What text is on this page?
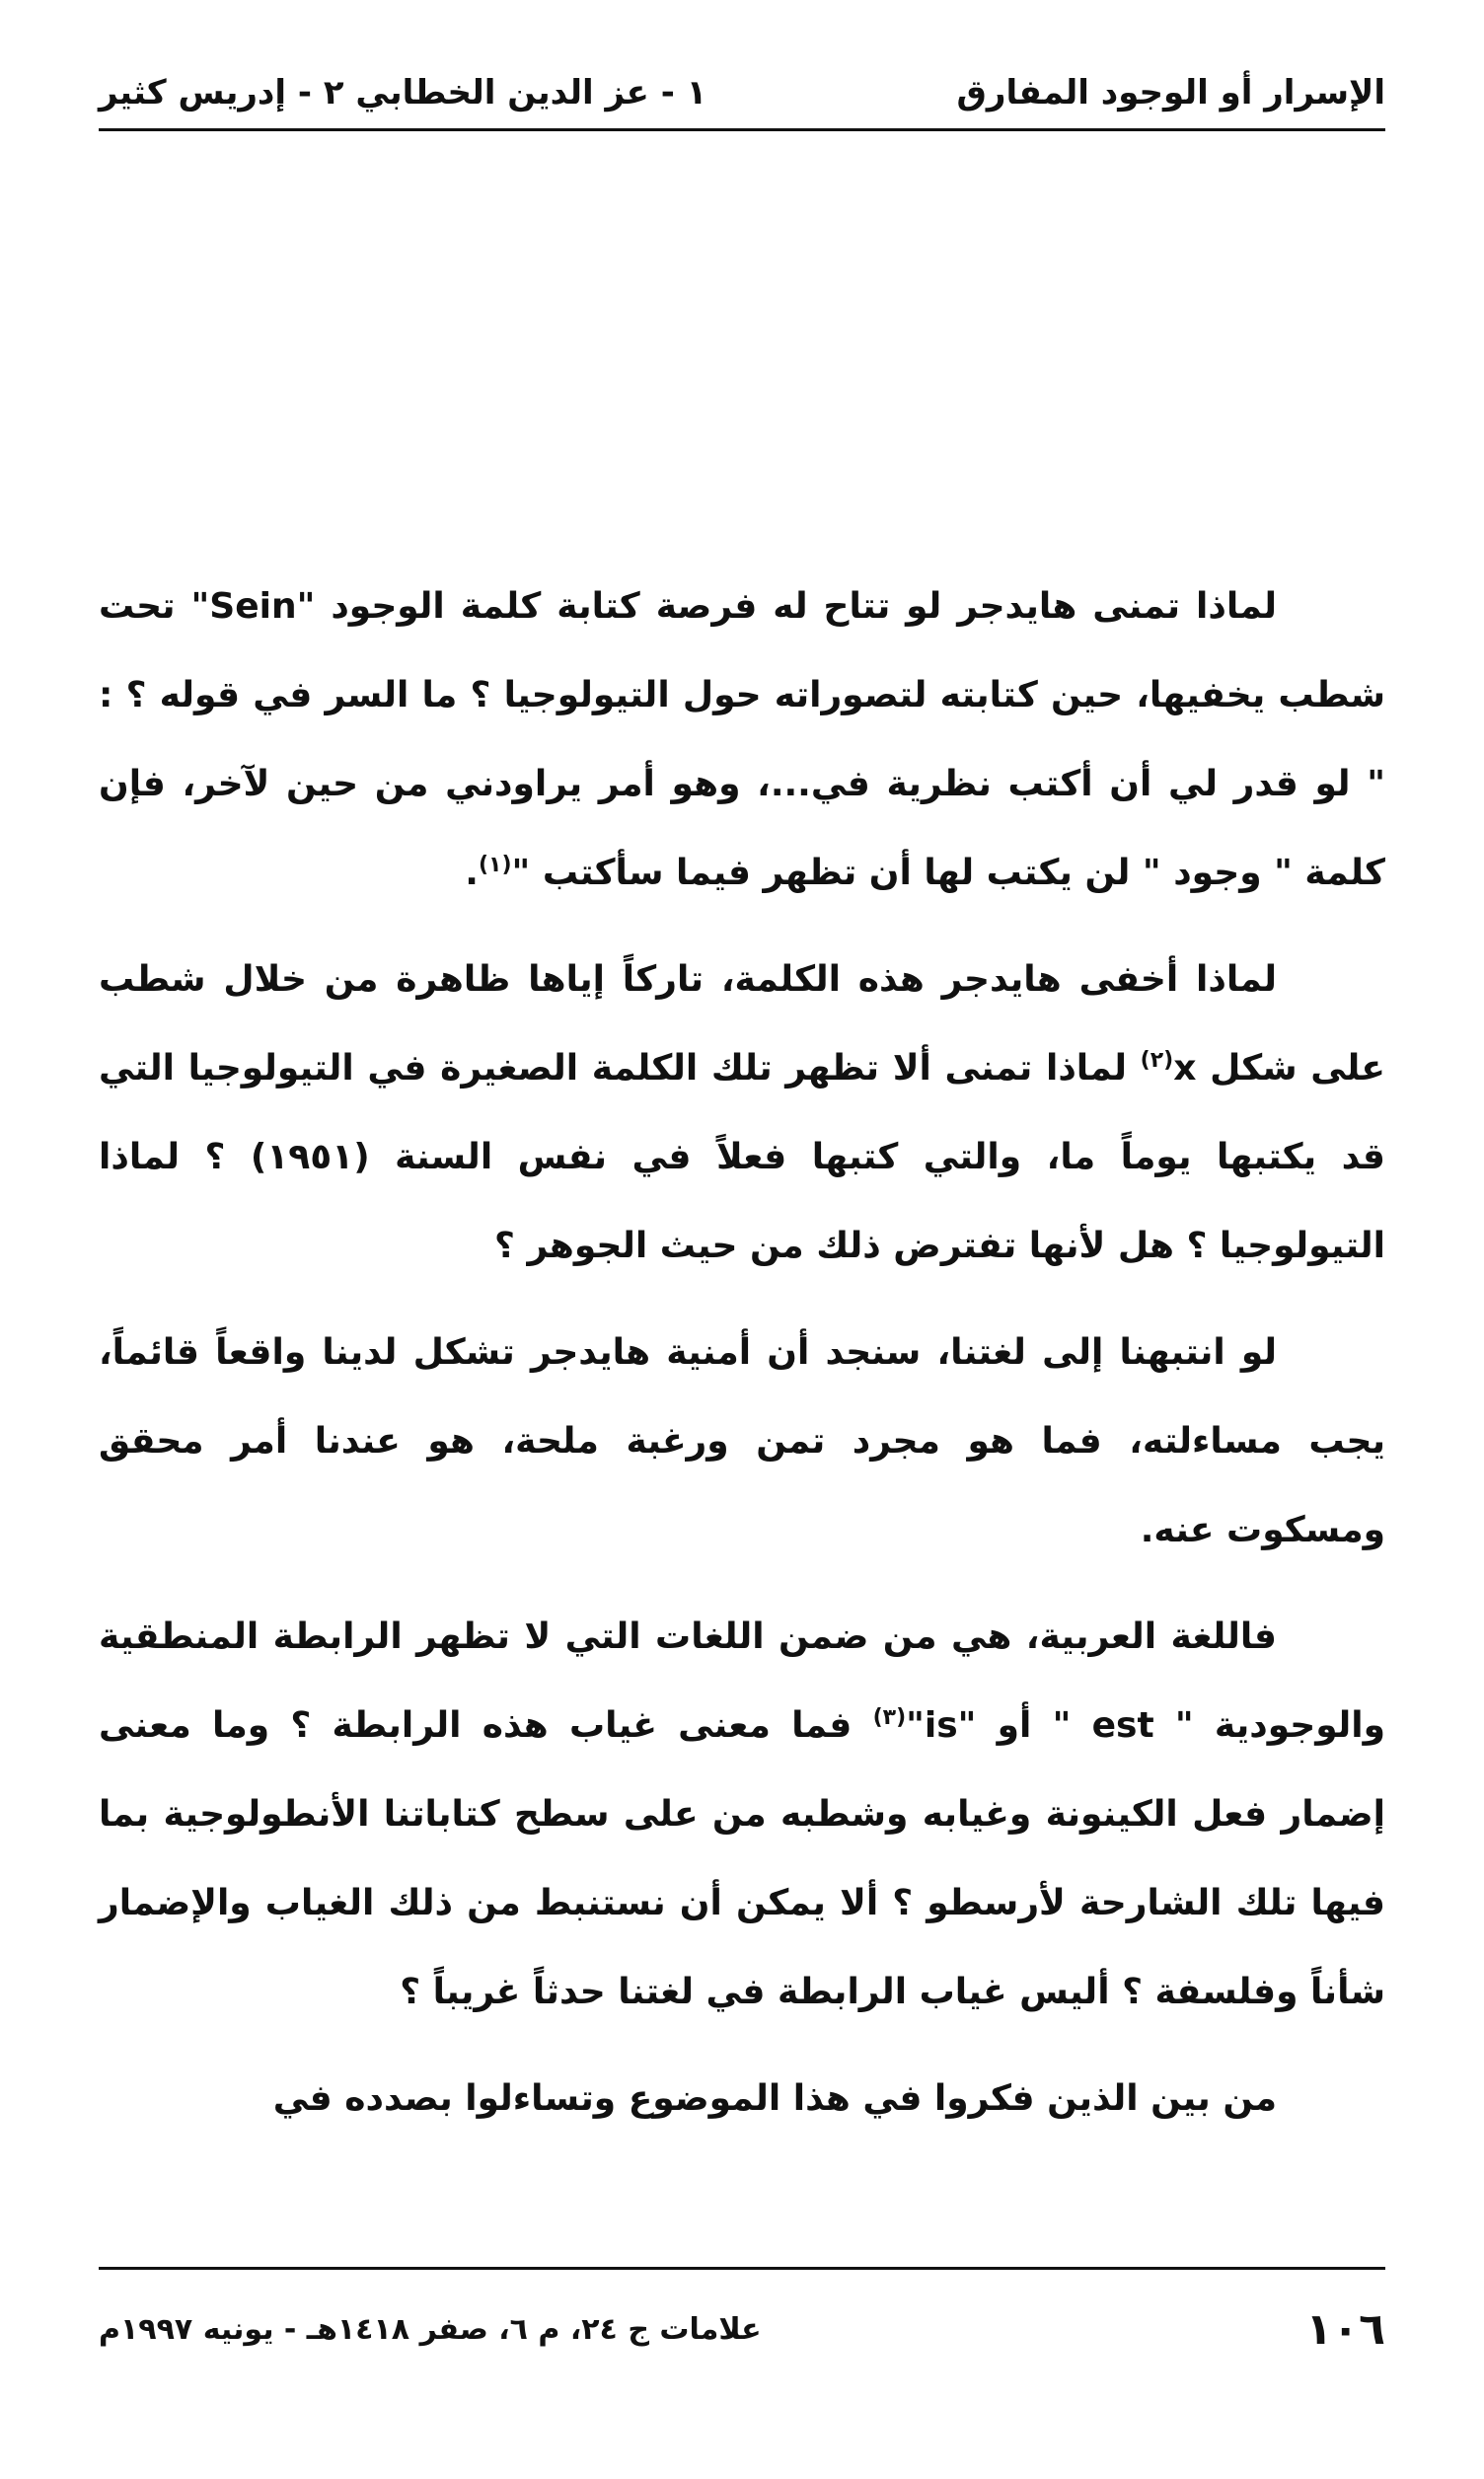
١ - عز الدين الخطابي ٢ - إدريس كثير	الإسرار أو الوجود المفارق

لماذا تمنى هايدجر لو تتاح له فرصة كتابة كلمة الوجود "Sein" تحت شطب يخفيها، حين كتابته لتصوراته حول التيولوجيا ؟ ما السر في قوله ؟ : " لو قدر لي أن أكتب نظرية في...، وهو أمر يراودني من حين لآخر، فإن كلمة " وجود " لن يكتب لها أن تظهر فيما سأكتب "$^{(١)}$.

لماذا أخفى هايدجر هذه الكلمة، تاركاً إياها ظاهرة من خلال شطب على شكل x$^{(٢)}$ لماذا تمنى ألا تظهر تلك الكلمة الصغيرة في التيولوجيا التي قد يكتبها يوماً ما، والتي كتبها فعلاً في نفس السنة (١٩٥١) ؟ لماذا التيولوجيا ؟ هل لأنها تفترض ذلك من حيث الجوهر ؟

لو انتبهنا إلى لغتنا، سنجد أن أمنية هايدجر تشكل لدينا واقعاً قائماً، يجب مساءلته، فما هو مجرد تمن ورغبة ملحة، هو عندنا أمر محقق ومسكوت عنه.

فاللغة العربية، هي من ضمن اللغات التي لا تظهر الرابطة المنطقية والوجودية " est " أو "is"$^{(٣)}$ فما معنى غياب هذه الرابطة ؟ وما معنى إضمار فعل الكينونة وغيابه وشطبه من على سطح كتاباتنا الأنطولوجية بما فيها تلك الشارحة لأرسطو ؟ ألا يمكن أن نستنبط من ذلك الغياب والإضمار شأناً وفلسفة ؟ أليس غياب الرابطة في لغتنا حدثاً غريباً ؟

من بين الذين فكروا في هذا الموضوع وتساءلوا بصدده في

علامات ج ٢٤، م ٦، صفر ١٤١٨هـ - يونيه ١٩٩٧م	١٠٦
